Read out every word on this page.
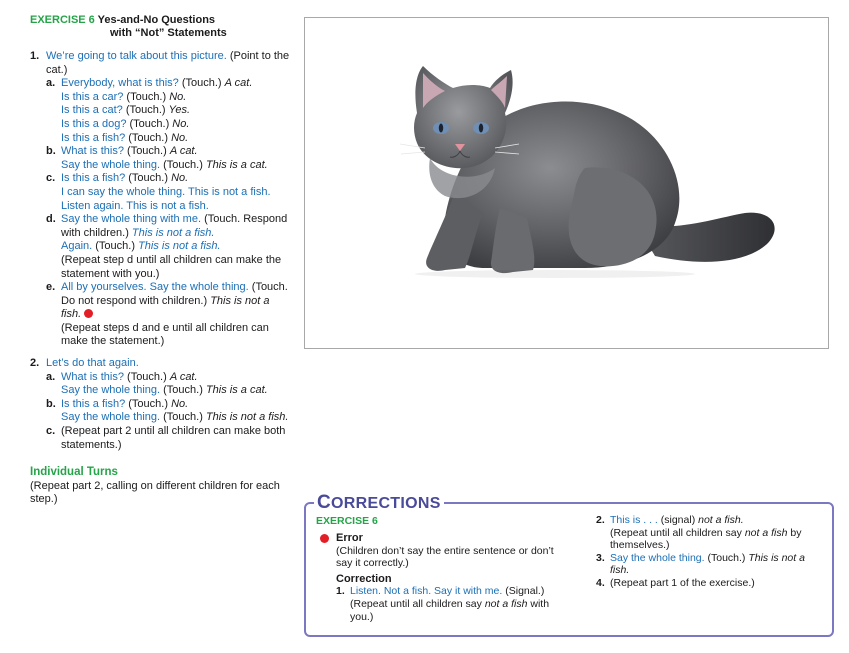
EXERCISE 6 Yes-and-No Questions
with “Not” Statements
1. We’re going to talk about this picture. (Point to the cat.)
a. Everybody, what is this? (Touch.) A cat.
Is this a car? (Touch.) No.
Is this a cat? (Touch.) Yes.
Is this a dog? (Touch.) No.
Is this a fish? (Touch.) No.
b. What is this? (Touch.) A cat.
Say the whole thing. (Touch.) This is a cat.
c. Is this a fish? (Touch.) No.
I can say the whole thing. This is not a fish.
Listen again. This is not a fish.
d. Say the whole thing with me. (Touch. Respond with children.) This is not a fish.
Again. (Touch.) This is not a fish.
(Repeat step d until all children can make the statement with you.)
e. All by yourselves. Say the whole thing. (Touch. Do not respond with children.) This is not a fish.
(Repeat steps d and e until all children can make the statement.)
2. Let’s do that again.
a. What is this? (Touch.) A cat.
Say the whole thing. (Touch.) This is a cat.
b. Is this a fish? (Touch.) No.
Say the whole thing. (Touch.) This is not a fish.
c. (Repeat part 2 until all children can make both statements.)
Individual Turns
(Repeat part 2, calling on different children for each step.)	CORRECTIONS
EXERCISE 6
Error
(Children don’t say the entire sentence or don’t say it correctly.)
Correction
1. Listen. Not a fish. Say it with me. (Signal.) (Repeat until all children say not a fish with you.)
2. This is . . . (signal) not a fish.
(Repeat until all children say not a fish by themselves.)
3. Say the whole thing. (Touch.) This is not a fish.
4. (Repeat part 1 of the exercise.)
